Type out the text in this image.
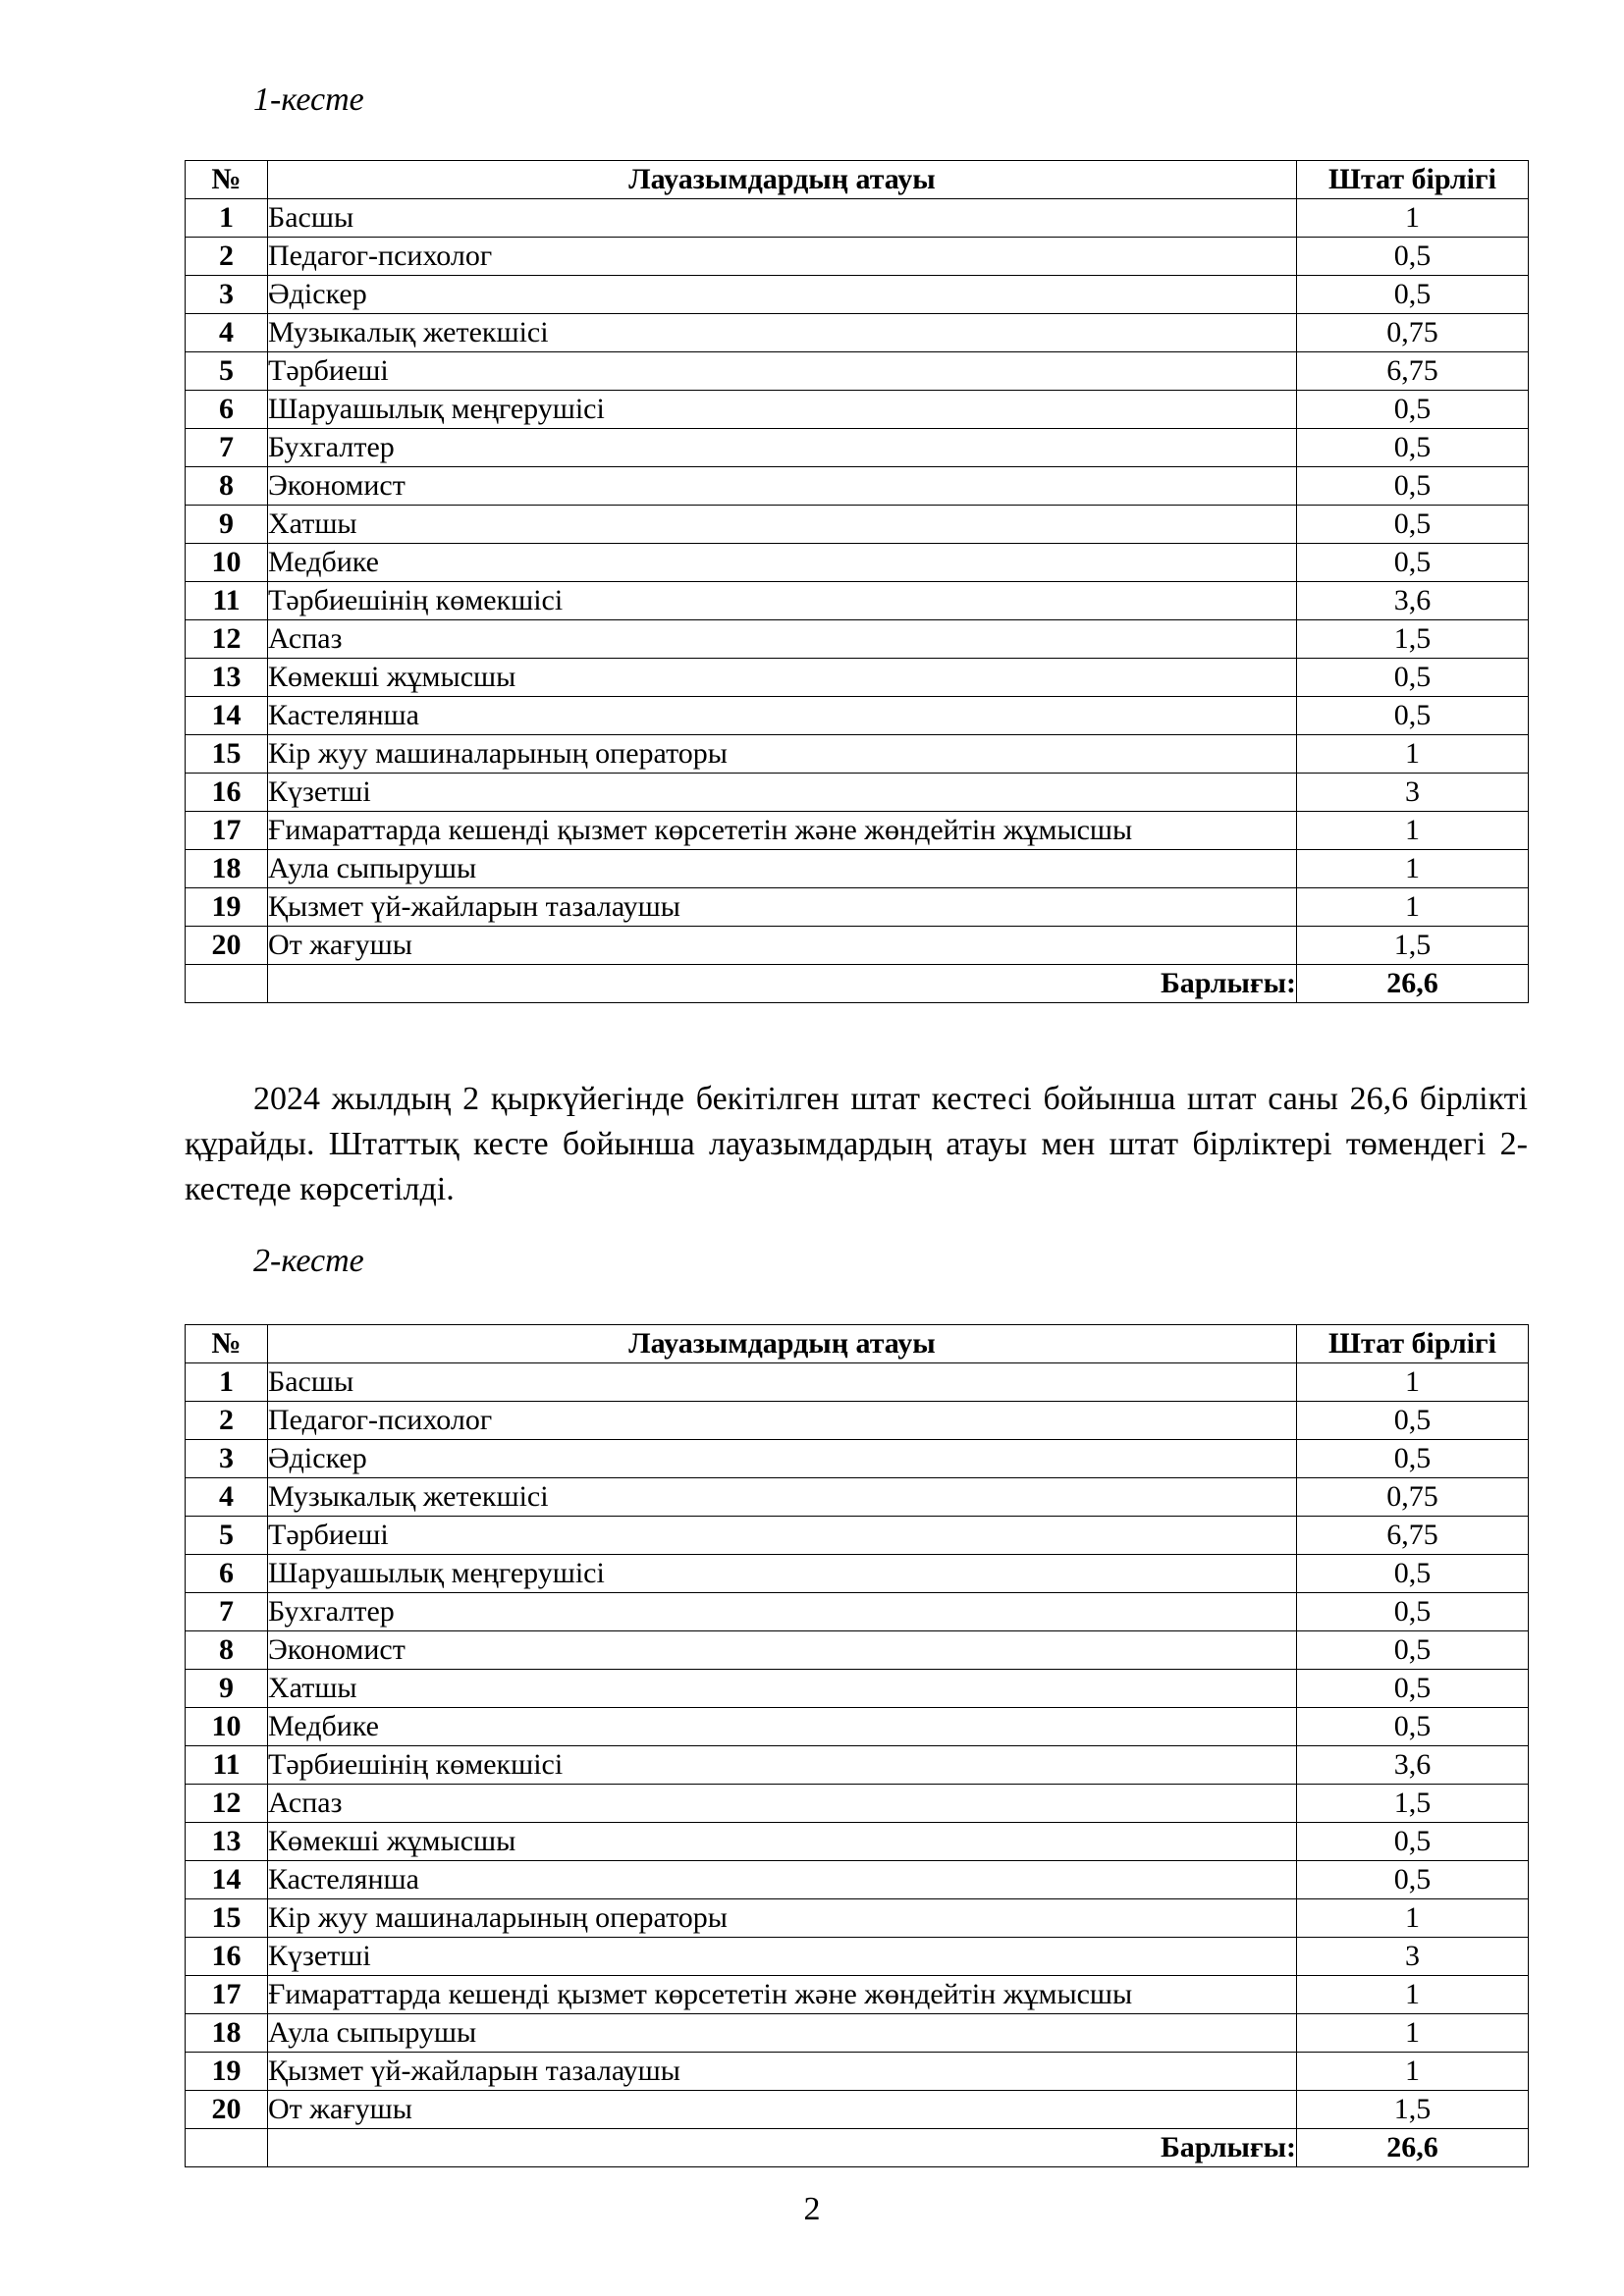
1-кесте
№	Лауазымдардың атауы	Штат бірлігі
1	Басшы	1
2	Педагог-психолог	0,5
3	Әдіскер	0,5
4	Музыкалық жетекшісі	0,75
5	Тәрбиеші	6,75
6	Шаруашылық меңгерушісі	0,5
7	Бухгалтер	0,5
8	Экономист	0,5
9	Хатшы	0,5
10	Медбике	0,5
11	Тәрбиешінің көмекшісі	3,6
12	Аспаз	1,5
13	Көмекші жұмысшы	0,5
14	Кастелянша	0,5
15	Кір жуу машиналарының операторы	1
16	Күзетші	3
17	Ғимараттарда кешенді қызмет көрсететін және жөндейтін жұмысшы	1
18	Аула сыпырушы	1
19	Қызмет үй-жайларын тазалаушы	1
20	От жағушы	1,5
	Барлығы:	26,6
2024 жылдың 2 қыркүйегінде бекітілген штат кестесі бойынша штат саны 26,6 бірлікті құрайды. Штаттық кесте бойынша лауазымдардың атауы мен штат бірліктері төмендегі 2-кестеде көрсетілді.
2-кесте
№	Лауазымдардың атауы	Штат бірлігі
1	Басшы	1
2	Педагог-психолог	0,5
3	Әдіскер	0,5
4	Музыкалық жетекшісі	0,75
5	Тәрбиеші	6,75
6	Шаруашылық меңгерушісі	0,5
7	Бухгалтер	0,5
8	Экономист	0,5
9	Хатшы	0,5
10	Медбике	0,5
11	Тәрбиешінің көмекшісі	3,6
12	Аспаз	1,5
13	Көмекші жұмысшы	0,5
14	Кастелянша	0,5
15	Кір жуу машиналарының операторы	1
16	Күзетші	3
17	Ғимараттарда кешенді қызмет көрсететін және жөндейтін жұмысшы	1
18	Аула сыпырушы	1
19	Қызмет үй-жайларын тазалаушы	1
20	От жағушы	1,5
	Барлығы:	26,6
2
